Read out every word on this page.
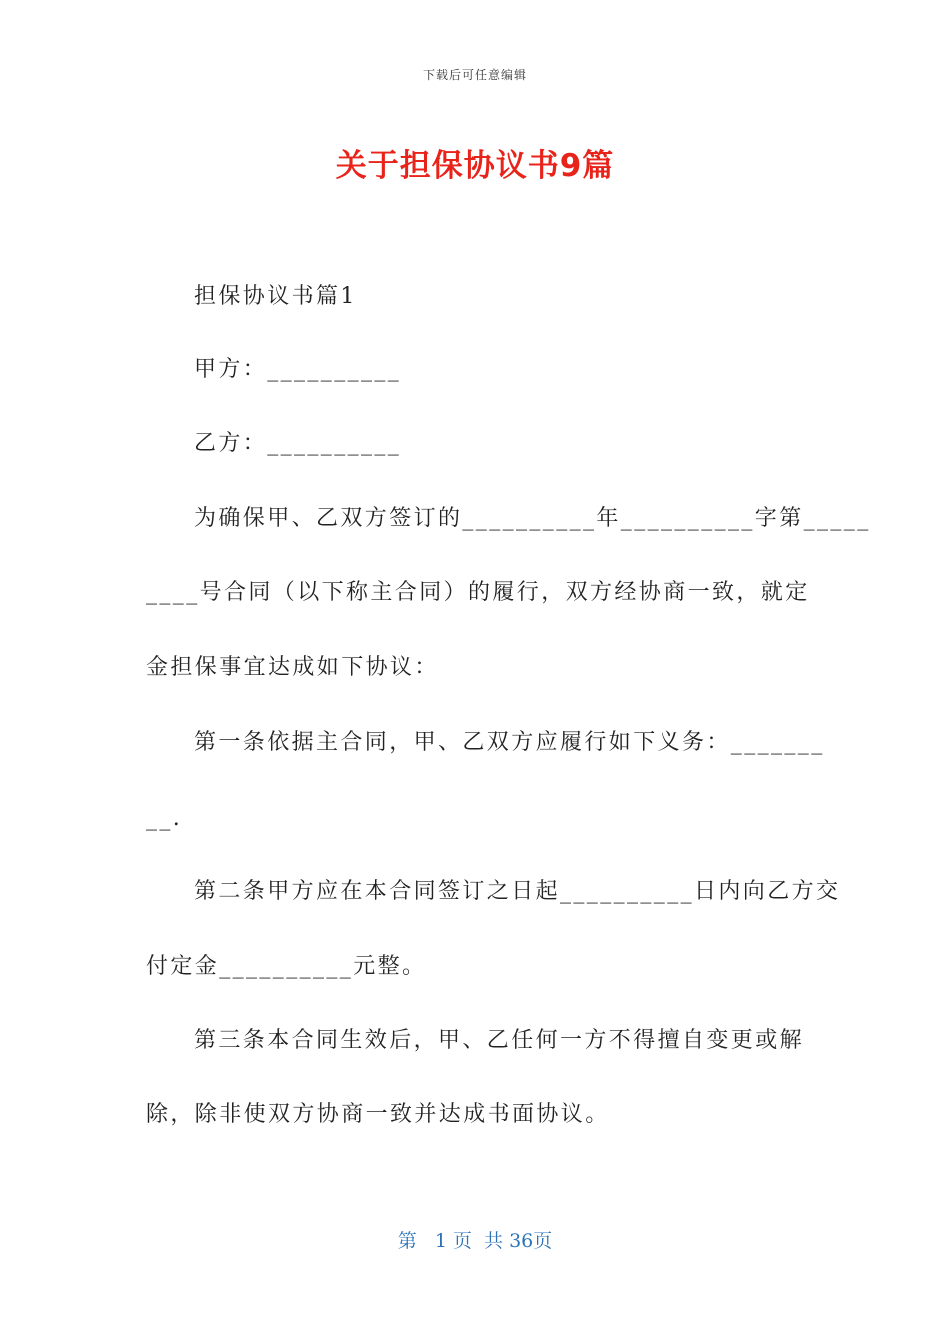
下载后可任意编辑
关于担保协议书9篇
担保协议书篇1
甲方：__________
乙方：__________
为确保甲、乙双方签订的__________年__________字第_____
____号合同（以下称主合同）的履行，双方经协商一致，就定
金担保事宜达成如下协议：
第一条依据主合同，甲、乙双方应履行如下义务：_______
__.
第二条甲方应在本合同签订之日起__________日内向乙方交
付定金__________元整。
第三条本合同生效后，甲、乙任何一方不得擅自变更或解
除，除非使双方协商一致并达成书面协议。
第   1 页  共 36页
